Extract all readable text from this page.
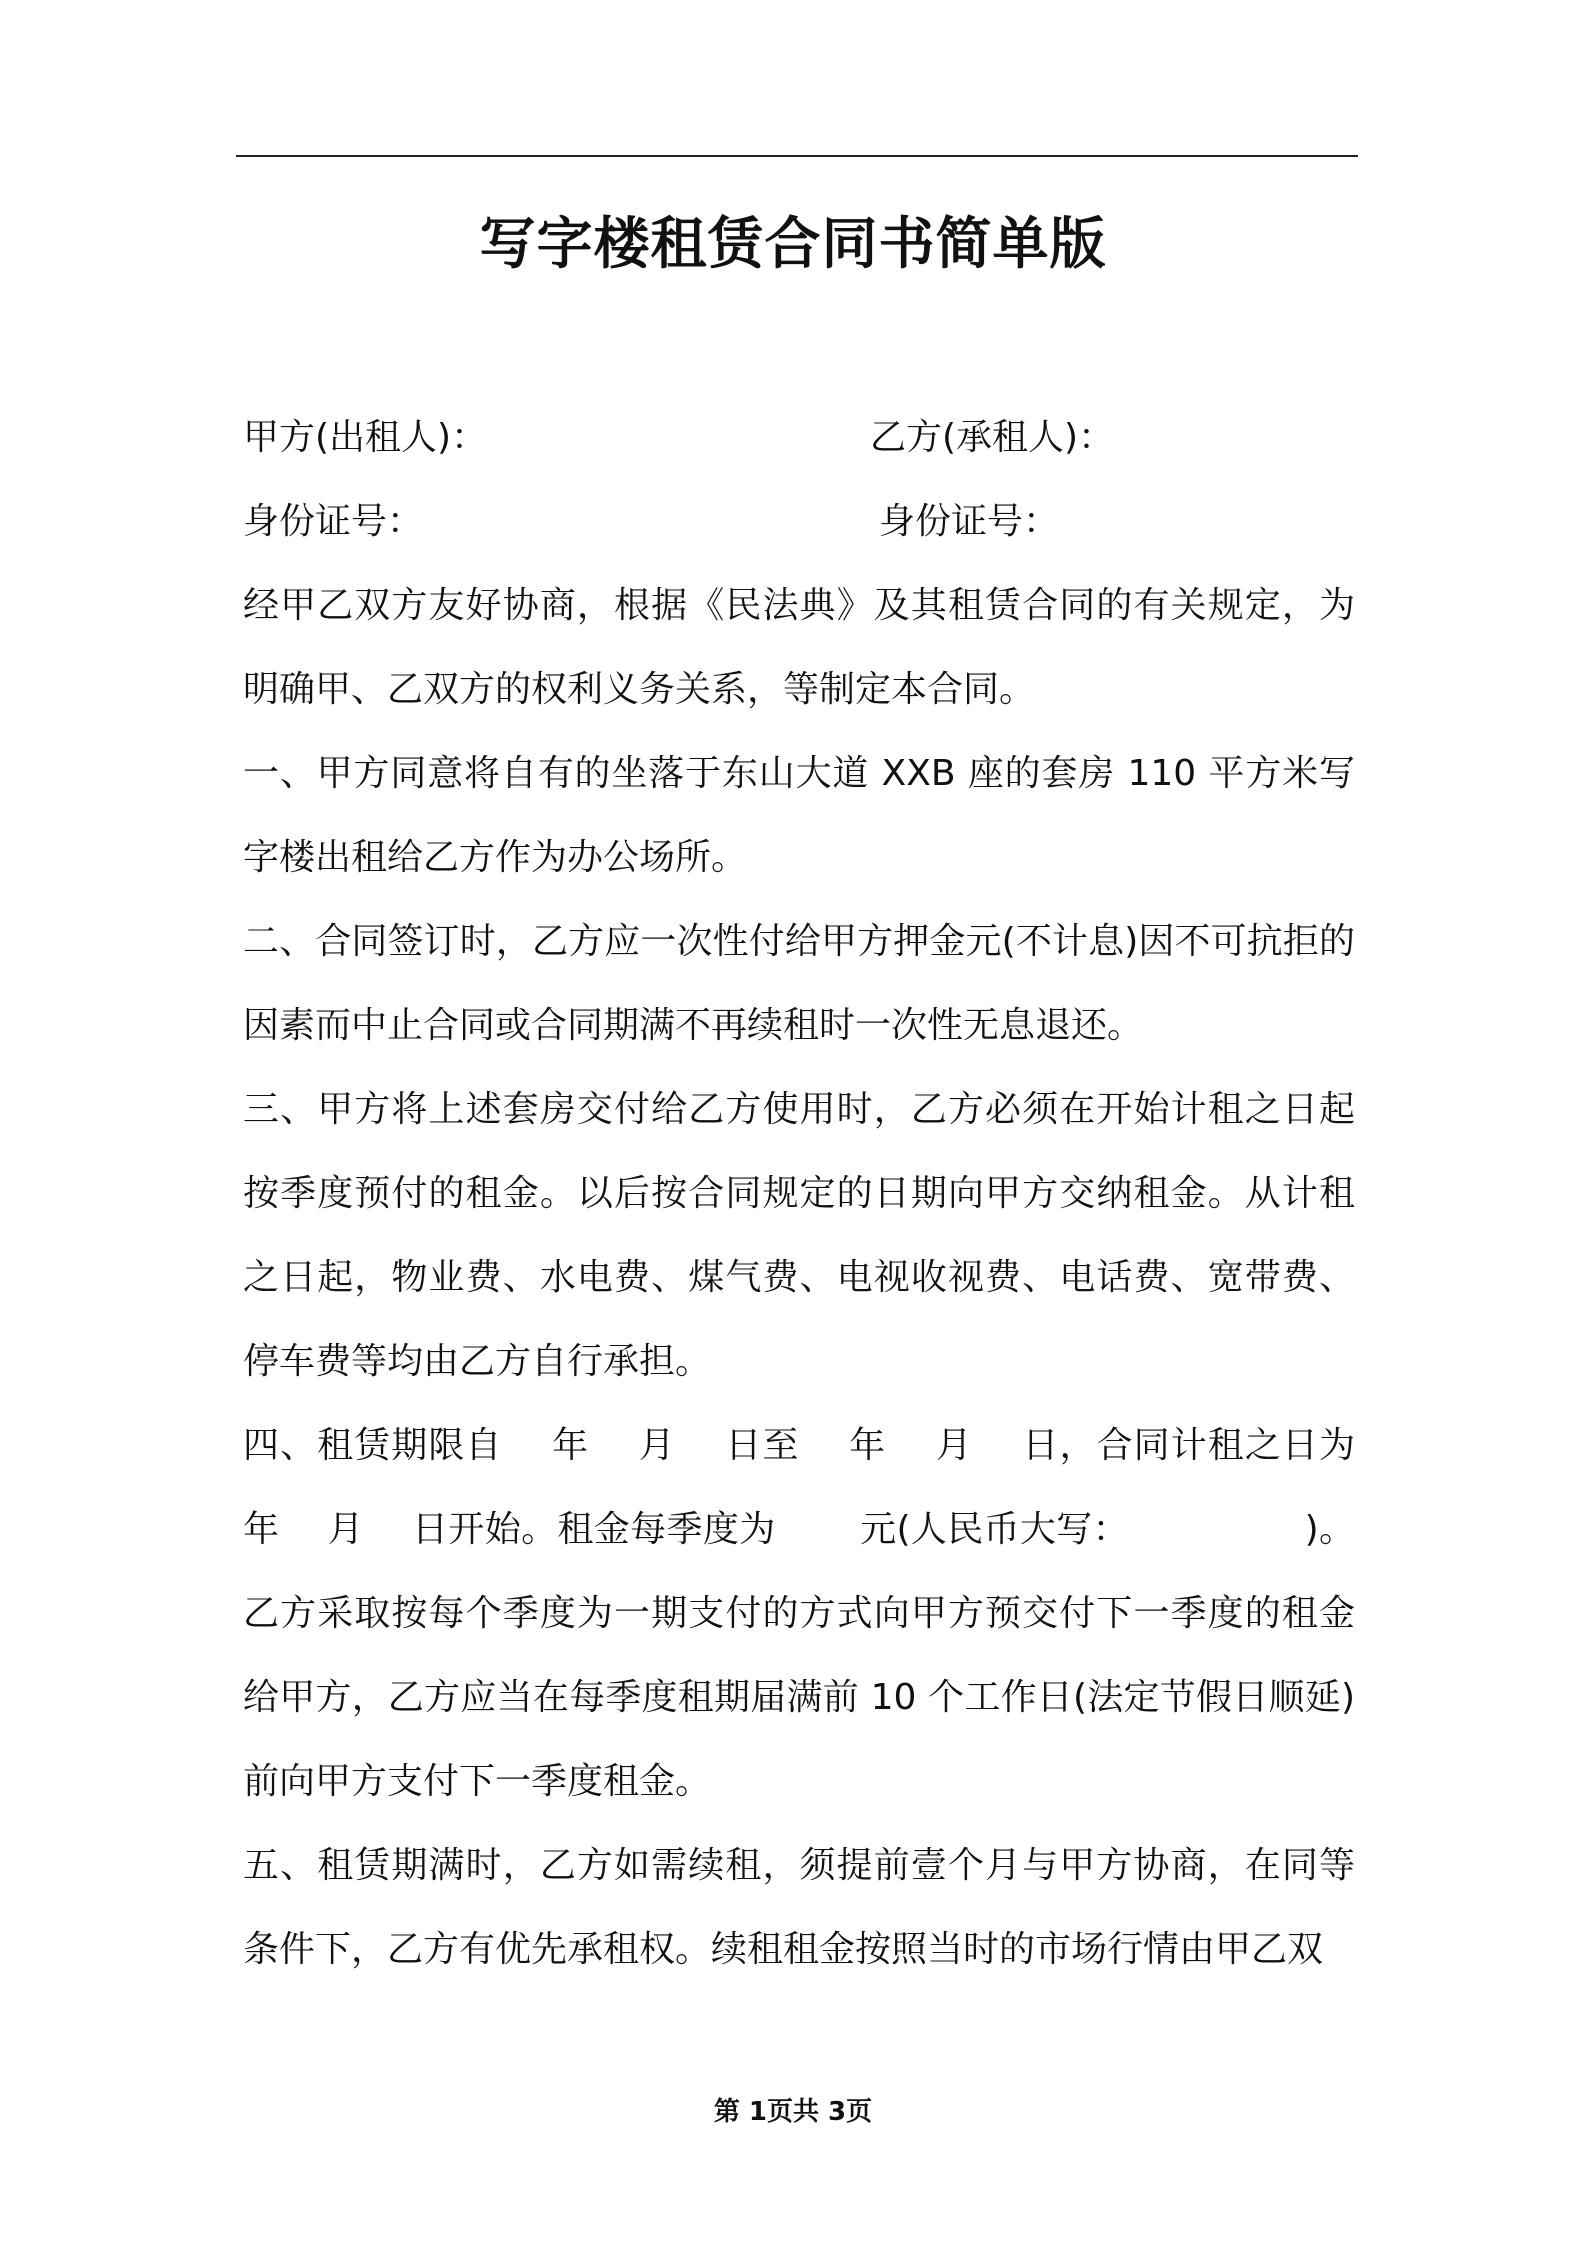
写字楼租赁合同书简单版
甲方(出租人)：	乙方(承租人)：
身份证号：	身份证号：

经甲乙双方友好协商，根据《民法典》及其租赁合同的有关规定，为明确甲、乙双方的权利义务关系，等制定本合同。

一、甲方同意将自有的坐落于东山大道 XXB 座的套房 110 平方米写字楼出租给乙方作为办公场所。

二、合同签订时，乙方应一次性付给甲方押金元(不计息)因不可抗拒的因素而中止合同或合同期满不再续租时一次性无息退还。

三、甲方将上述套房交付给乙方使用时，乙方必须在开始计租之日起按季度预付的租金。以后按合同规定的日期向甲方交纳租金。从计租之日起，物业费、水电费、煤气费、电视收视费、电话费、宽带费、停车费等均由乙方自行承担。

四、租赁期限自　 年　 月　 日至　 年　 月　 日，合同计租之日为　 年　 月　 日开始。租金每季度为　　 元(人民币大写：　　　　　 )。乙方采取按每个季度为一期支付的方式向甲方预交付下一季度的租金给甲方，乙方应当在每季度租期届满前 10 个工作日(法定节假日顺延)前向甲方支付下一季度租金。

五、租赁期满时，乙方如需续租，须提前壹个月与甲方协商，在同等条件下，乙方有优先承租权。续租租金按照当时的市场行情由甲乙双

第 1页共 3页
